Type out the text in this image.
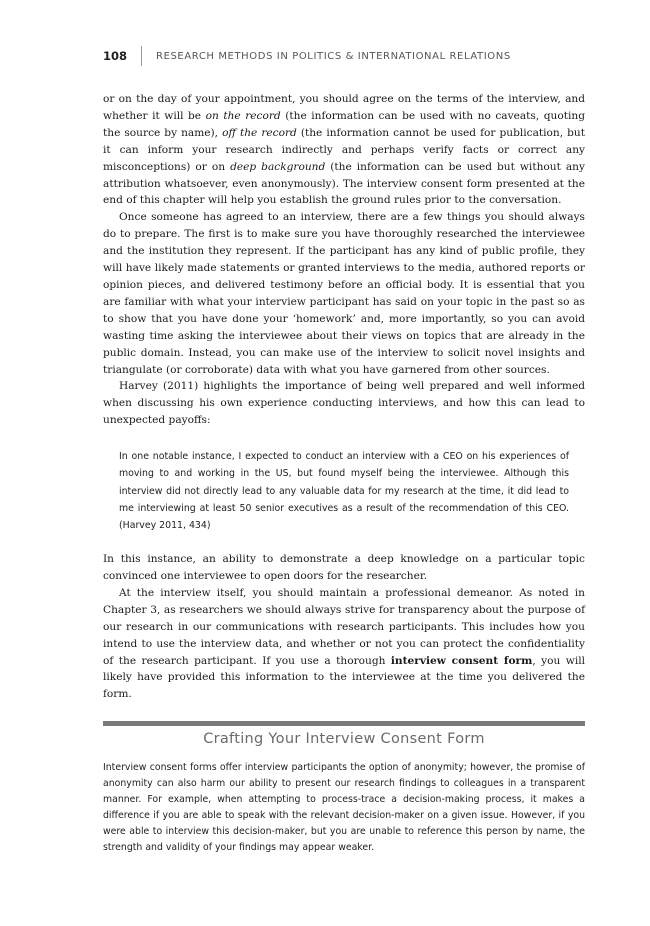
108	RESEARCH METHODS IN POLITICS & INTERNATIONAL RELATIONS

or on the day of your appointment, you should agree on the terms of the interview, and whether it will be on the record (the information can be used with no caveats, quoting the source by name), off the record (the information cannot be used for publication, but it can inform your research indirectly and perhaps verify facts or correct any misconceptions) or on deep background (the information can be used but without any attribution whatsoever, even anonymously). The interview consent form presented at the end of this chapter will help you establish the ground rules prior to the conversation.

Once someone has agreed to an interview, there are a few things you should always do to prepare. The first is to make sure you have thoroughly researched the interviewee and the institution they represent. If the participant has any kind of public profile, they will have likely made statements or granted interviews to the media, authored reports or opinion pieces, and delivered testimony before an official body. It is essential that you are familiar with what your interview participant has said on your topic in the past so as to show that you have done your ‘homework’ and, more importantly, so you can avoid wasting time asking the interviewee about their views on topics that are already in the public domain. Instead, you can make use of the interview to solicit novel insights and triangulate (or corroborate) data with what you have garnered from other sources.

Harvey (2011) highlights the importance of being well prepared and well informed when discussing his own experience conducting interviews, and how this can lead to unexpected payoffs:

In one notable instance, I expected to conduct an interview with a CEO on his experiences of moving to and working in the US, but found myself being the interviewee. Although this interview did not directly lead to any valuable data for my research at the time, it did lead to me interviewing at least 50 senior executives as a result of the recommendation of this CEO. (Harvey 2011, 434)

In this instance, an ability to demonstrate a deep knowledge on a particular topic convinced one interviewee to open doors for the researcher.

At the interview itself, you should maintain a professional demeanor. As noted in Chapter 3, as researchers we should always strive for transparency about the purpose of our research in our communications with research participants. This includes how you intend to use the interview data, and whether or not you can protect the confidentiality of the research participant. If you use a thorough interview consent form, you will likely have provided this information to the interviewee at the time you delivered the form.

Crafting Your Interview Consent Form

Interview consent forms offer interview participants the option of anonymity; however, the promise of anonymity can also harm our ability to present our research findings to colleagues in a transparent manner. For example, when attempting to process-trace a decision-making process, it makes a difference if you are able to speak with the relevant decision-maker on a given issue. However, if you were able to interview this decision-maker, but you are unable to reference this person by name, the strength and validity of your findings may appear weaker.
